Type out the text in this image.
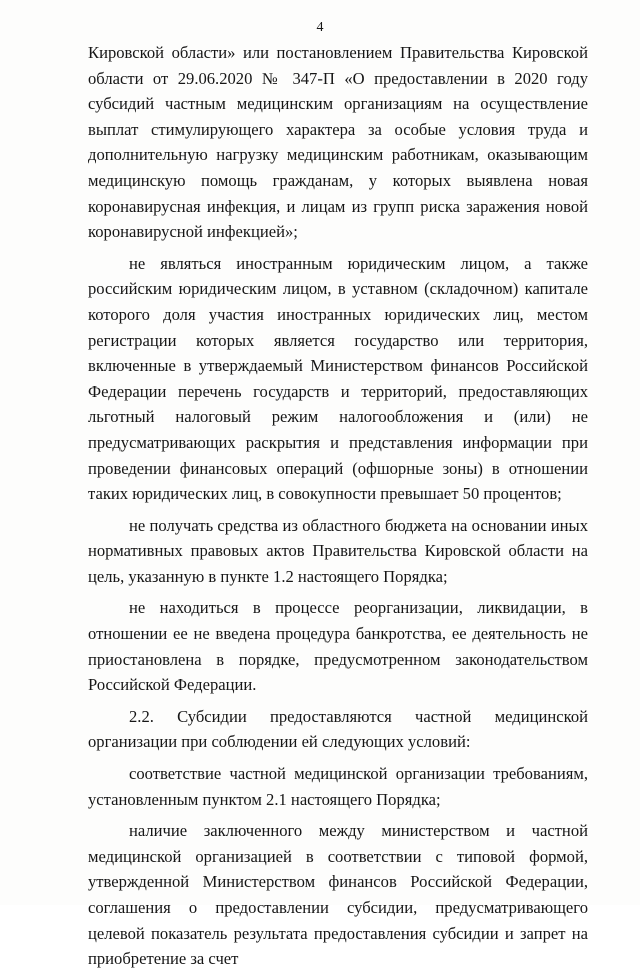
4

Кировской области» или постановлением Правительства Кировской области от 29.06.2020 № 347-П «О предоставлении в 2020 году субсидий частным медицинским организациям на осуществление выплат стимулирующего характера за особые условия труда и дополнительную нагрузку медицинским работникам, оказывающим медицинскую помощь гражданам, у которых выявлена новая коронавирусная инфекция, и лицам из групп риска заражения новой коронавирусной инфекцией»;

не являться иностранным юридическим лицом, а также российским юридическим лицом, в уставном (складочном) капитале которого доля участия иностранных юридических лиц, местом регистрации которых является государство или территория, включенные в утверждаемый Министерством финансов Российской Федерации перечень государств и территорий, предоставляющих льготный налоговый режим налогообложения и (или) не предусматривающих раскрытия и представления информации при проведении финансовых операций (офшорные зоны) в отношении таких юридических лиц, в совокупности превышает 50 процентов;

не получать средства из областного бюджета на основании иных нормативных правовых актов Правительства Кировской области на цель, указанную в пункте 1.2 настоящего Порядка;

не находиться в процессе реорганизации, ликвидации, в отношении ее не введена процедура банкротства, ее деятельность не приостановлена в порядке, предусмотренном законодательством Российской Федерации.

2.2. Субсидии предоставляются частной медицинской организации при соблюдении ей следующих условий:

соответствие частной медицинской организации требованиям, установленным пунктом 2.1 настоящего Порядка;

наличие заключенного между министерством и частной медицинской организацией в соответствии с типовой формой, утвержденной Министерством финансов Российской Федерации, соглашения о предоставлении субсидии, предусматривающего целевой показатель результата предоставления субсидии и запрет на приобретение за счет
